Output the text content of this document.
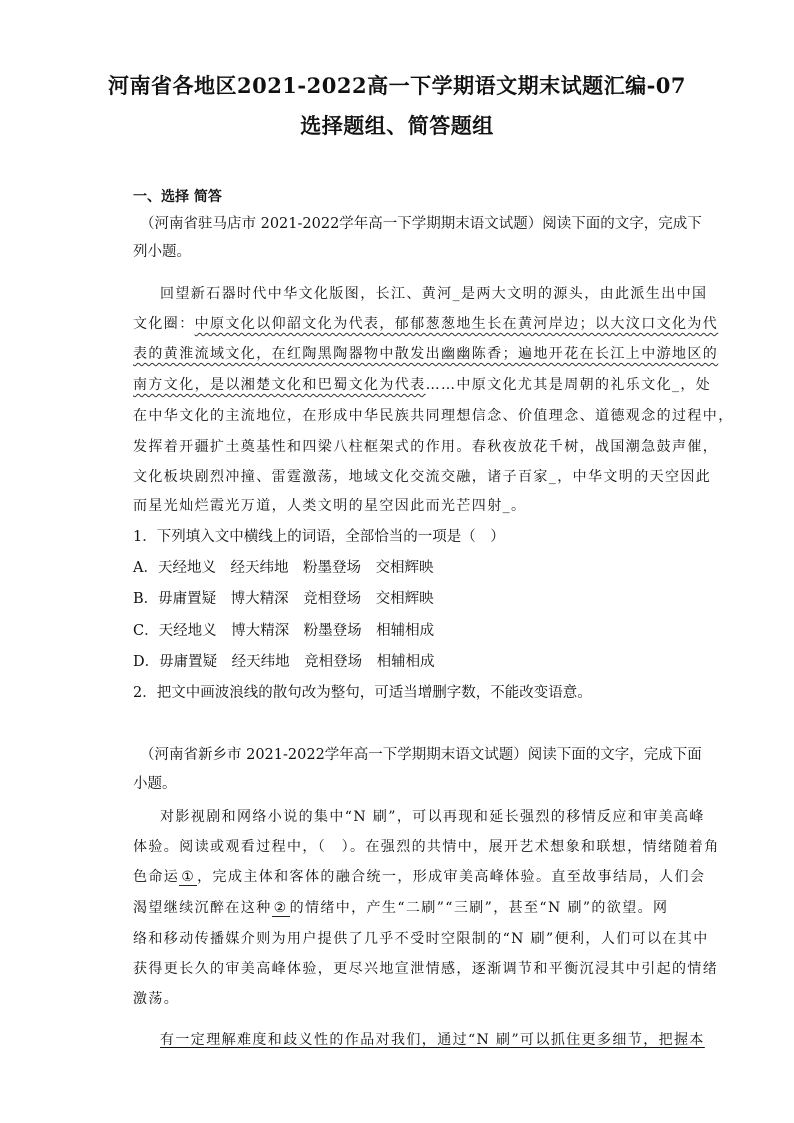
河南省各地区2021-2022高一下学期语文期末试题汇编-07
选择题组、简答题组
一、选择 简答
（河南省驻马店市 2021-2022学年高一下学期期末语文试题）阅读下面的文字，完成下
列小题。
回望新石器时代中华文化版图，长江、黄河_是两大文明的源头，由此派生出中国
文化圈：中原文化以仰韶文化为代表，郁郁葱葱地生长在黄河岸边；以大汶口文化为代
表的黄淮流域文化，在红陶黑陶器物中散发出幽幽陈香；遍地开花在长江上中游地区的
南方文化，是以湘楚文化和巴蜀文化为代表……中原文化尤其是周朝的礼乐文化_，处
在中华文化的主流地位，在形成中华民族共同理想信念、价值理念、道德观念的过程中，
发挥着开疆扩土奠基性和四梁八柱框架式的作用。春秋夜放花千树，战国潮急鼓声催，
文化板块剧烈冲撞、雷霆激荡，地域文化交流交融，诸子百家_，中华文明的天空因此
而星光灿烂霞光万道，人类文明的星空因此而光芒四射_。
1．下列填入文中横线上的词语，全部恰当的一项是（　）
A．天经地义　经天纬地　粉墨登场　交相辉映
B．毋庸置疑　博大精深　竞相登场　交相辉映
C．天经地义　博大精深　粉墨登场　相辅相成
D．毋庸置疑　经天纬地　竞相登场　相辅相成
2．把文中画波浪线的散句改为整句，可适当增删字数，不能改变语意。
（河南省新乡市 2021-2022学年高一下学期期末语文试题）阅读下面的文字，完成下面
小题。
对影视剧和网络小说的集中“N 刷”，可以再现和延长强烈的移情反应和审美高峰
体验。阅读或观看过程中，（　）。在强烈的共情中，展开艺术想象和联想，情绪随着角
色命运 ① ，完成主体和客体的融合统一，形成审美高峰体验。直至故事结局，人们会
渴望继续沉醉在这种 ② 的情绪中，产生“二刷”“三刷”，甚至“N 刷”的欲望。网
络和移动传播媒介则为用户提供了几乎不受时空限制的“N 刷”便利，人们可以在其中
获得更长久的审美高峰体验，更尽兴地宣泄情感，逐渐调节和平衡沉浸其中引起的情绪
激荡。
有一定理解难度和歧义性的作品对我们，通过“N 刷”可以抓住更多细节，把握本
